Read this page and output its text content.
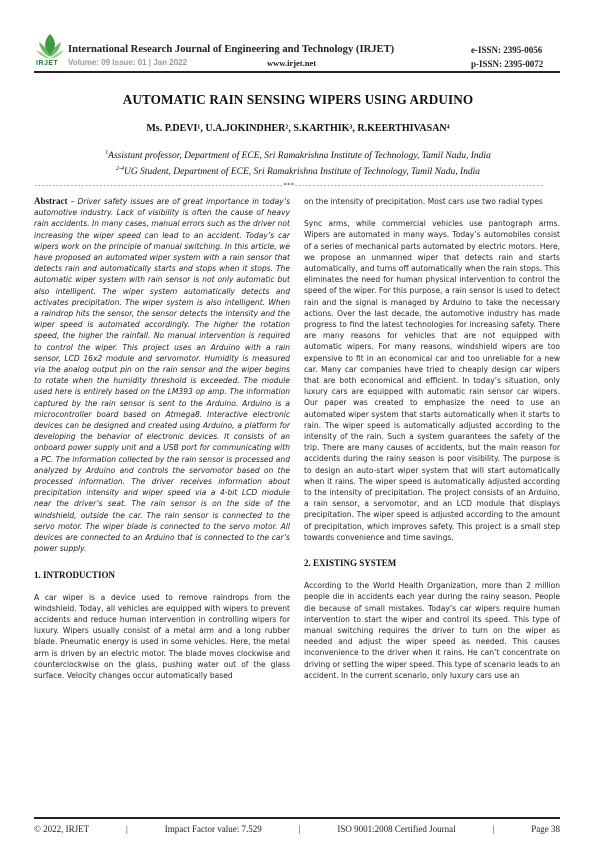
IRJET
International Research Journal of Engineering and Technology (IRJET)
Volume: 09 Issue: 01 | Jan 2022	www.irjet.net
e-ISSN: 2395-0056
p-ISSN: 2395-0072
AUTOMATIC RAIN SENSING WIPERS USING ARDUINO
Ms. P.DEVI¹, U.A.JOKINDHER², S.KARTHIK³, R.KEERTHIVASAN⁴
$^1$Assistant professor, Department of ECE, Sri Ramakrishna Institute of Technology, Tamil Nadu, India
$^{2-4}$UG Student, Department of ECE, Sri Ramakrishna Institute of Technology, Tamil Nadu, India
---------------------------------------------------------------------***---------------------------------------------------------------------

Abstract – Driver safety issues are of great importance in today’s automotive industry. Lack of visibility is often the cause of heavy rain accidents. In many cases, manual errors such as the driver not increasing the wiper speed can lead to an accident. Today’s car wipers work on the principle of manual switching. In this article, we have proposed an automated wiper system with a rain sensor that detects rain and automatically starts and stops when it stops. The automatic wiper system with rain sensor is not only automatic but also intelligent. The wiper system automatically detects and activates precipitation. The wiper system is also intelligent. When a raindrop hits the sensor, the sensor detects the intensity and the wiper speed is automated accordingly. The higher the rotation speed, the higher the rainfall. No manual intervention is required to control the wiper. This project uses an Arduino with a rain sensor, LCD 16x2 module and servomotor. Humidity is measured via the analog output pin on the rain sensor and the wiper begins to rotate when the humidity threshold is exceeded. The module used here is entirely based on the LM393 op amp. The information captured by the rain sensor is sent to the Arduino. Arduino is a microcontroller board based on Atmega8. Interactive electronic devices can be designed and created using Arduino, a platform for developing the behavior of electronic devices. It consists of an onboard power supply unit and a USB port for communicating with a PC. The information collected by the rain sensor is processed and analyzed by Arduino and controls the servomotor based on the processed information. The driver receives information about precipitation intensity and wiper speed via a 4-bit LCD module near the driver’s seat. The rain sensor is on the side of the windshield, outside the car. The rain sensor is connected to the servo motor. The wiper blade is connected to the servo motor. All devices are connected to an Arduino that is connected to the car’s power supply.

1. INTRODUCTION

A car wiper is a device used to remove raindrops from the windshield. Today, all vehicles are equipped with wipers to prevent accidents and reduce human intervention in controlling wipers for luxury. Wipers usually consist of a metal arm and a long rubber blade. Pneumatic energy is used in some vehicles. Here, the metal arm is driven by an electric motor. The blade moves clockwise and counterclockwise on the glass, pushing water out of the glass surface. Velocity changes occur automatically based

on the intensity of precipitation. Most cars use two radial types

Sync arms, while commercial vehicles use pantograph arms. Wipers are automated in many ways. Today’s automobiles consist of a series of mechanical parts automated by electric motors. Here, we propose an unmanned wiper that detects rain and starts automatically, and turns off automatically when the rain stops. This eliminates the need for human physical intervention to control the speed of the wiper. For this purpose, a rain sensor is used to detect rain and the signal is managed by Arduino to take the necessary actions. Over the last decade, the automotive industry has made progress to find the latest technologies for increasing safety. There are many reasons for vehicles that are not equipped with automatic wipers. For many reasons, windshield wipers are too expensive to fit in an economical car and too unreliable for a new car. Many car companies have tried to cheaply design car wipers that are both economical and efficient. In today’s situation, only luxury cars are equipped with automatic rain sensor car wipers. Our paper was created to emphasize the need to use an automated wiper system that starts automatically when it starts to rain. The wiper speed is automatically adjusted according to the intensity of the rain. Such a system guarantees the safety of the trip. There are many causes of accidents, but the main reason for accidents during the rainy season is poor visibility. The purpose is to design an auto-start wiper system that will start automatically when it rains. The wiper speed is automatically adjusted according to the intensity of precipitation. The project consists of an Arduino, a rain sensor, a servomotor, and an LCD module that displays precipitation. The wiper speed is adjusted according to the amount of precipitation, which improves safety. This project is a small step towards convenience and time savings.

2. EXISTING SYSTEM

According to the World Health Organization, more than 2 million people die in accidents each year during the rainy season. People die because of small mistakes. Today’s car wipers require human intervention to start the wiper and control its speed. This type of manual switching requires the driver to turn on the wiper as needed and adjust the wiper speed as needed. This causes inconvenience to the driver when it rains. He can’t concentrate on driving or setting the wiper speed. This type of scenario leads to an accident. In the current scenario, only luxury cars use an

© 2022, IRJET	|	Impact Factor value: 7.529	|	ISO 9001:2008 Certified Journal	|	Page 38
